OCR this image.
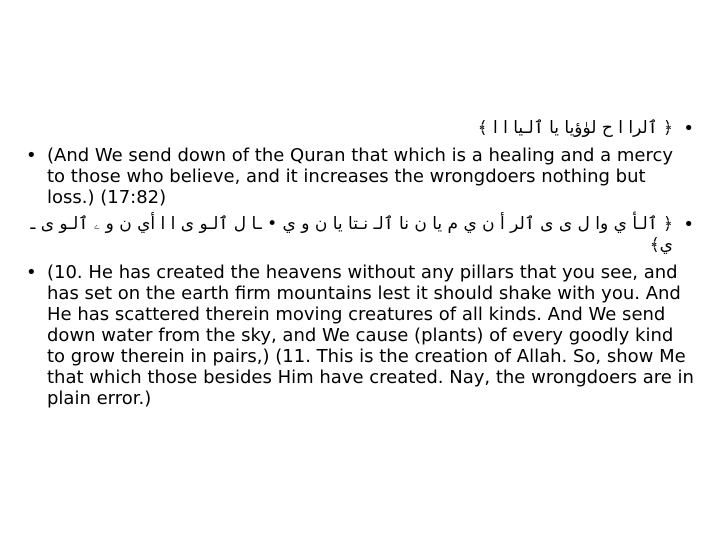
•
﴿ ٱلرا ا ح لۈؤيا يا ٱلـيا ا ا ﴾
• (And We send down of the Quran that which is a healing and a mercy to those who believe, and it increases the wrongdoers nothing but loss.) (17:82)
•
﴿ ٱلـأ ي وا ل ى ى ٱلر أ ن ي م يا ن نا ٱلـ نـتا يا ن و ي • ـا ل ٱلـو ى ا ا أي ن و ۦ ٱلـو ى ـ ي﴾
• (10. He has created the heavens without any pillars that you see, and has set on the earth firm mountains lest it should shake with you. And He has scattered therein moving creatures of all kinds. And We send down water from the sky, and We cause (plants) of every goodly kind to grow therein in pairs,) (11. This is the creation of Allah. So, show Me that which those besides Him have created. Nay, the wrongdoers are in plain error.)
